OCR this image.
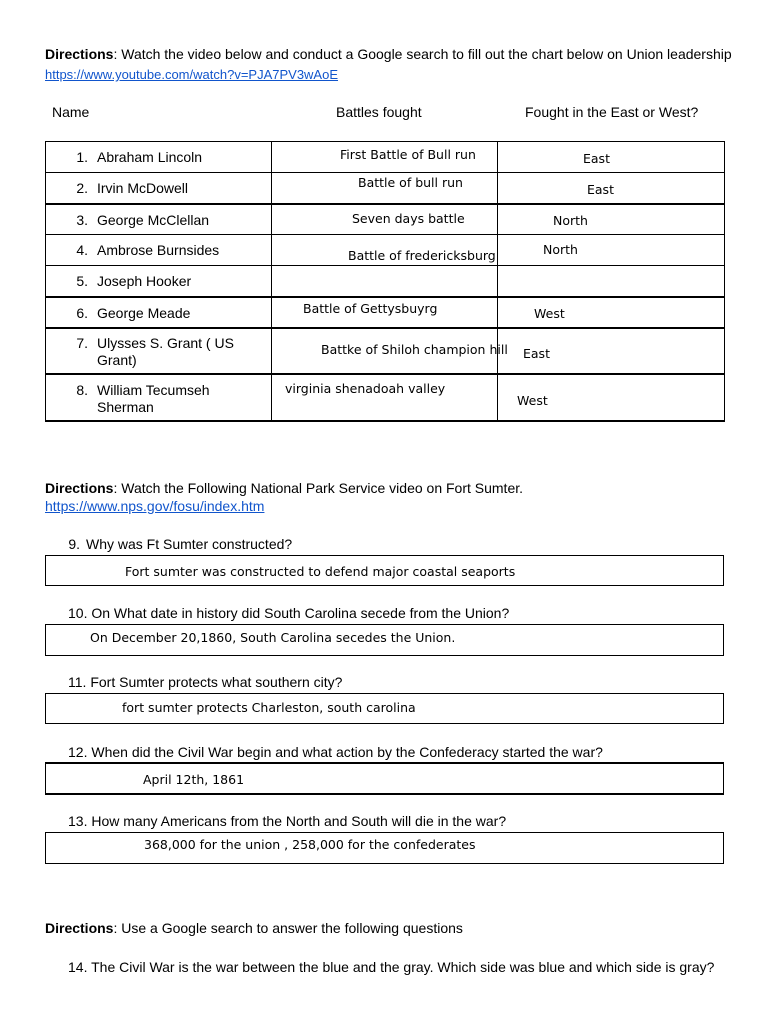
Directions: Watch the video below and conduct a Google search to fill out the chart below on Union leadership
https://www.youtube.com/watch?v=PJA7PV3wAoE
Name	Battles fought	Fought in the East or West?
1. Abraham Lincoln	First Battle of Bull run	East

2. Irvin McDowell	Battle of bull run	East

3. George McClellan	Seven days battle	North

4. Ambrose Burnsides	Battle of fredericksburg	North

5. Joseph Hooker		

6. George Meade	Battle of Gettysbuyrg	West

7. Ulysses S. Grant ( US Grant)	Battke of Shiloh champion hill	East

8. William Tecumseh Sherman	virginia shenadoah valley	West
Directions: Watch the Following National Park Service video on Fort Sumter.
https://www.nps.gov/fosu/index.htm
9. Why was Ft Sumter constructed?
Fort sumter was constructed to defend major coastal seaports
10. On What date in history did South Carolina secede from the Union?
On December 20,1860, South Carolina secedes the Union.
11. Fort Sumter protects what southern city?
fort sumter protects Charleston, south carolina
12. When did the Civil War begin and what action by the Confederacy started the war?
April 12th, 1861
13. How many Americans from the North and South will die in the war?
368,000 for the union , 258,000 for the confederates
Directions: Use a Google search to answer the following questions
14. The Civil War is the war between the blue and the gray. Which side was blue and which side is gray?
